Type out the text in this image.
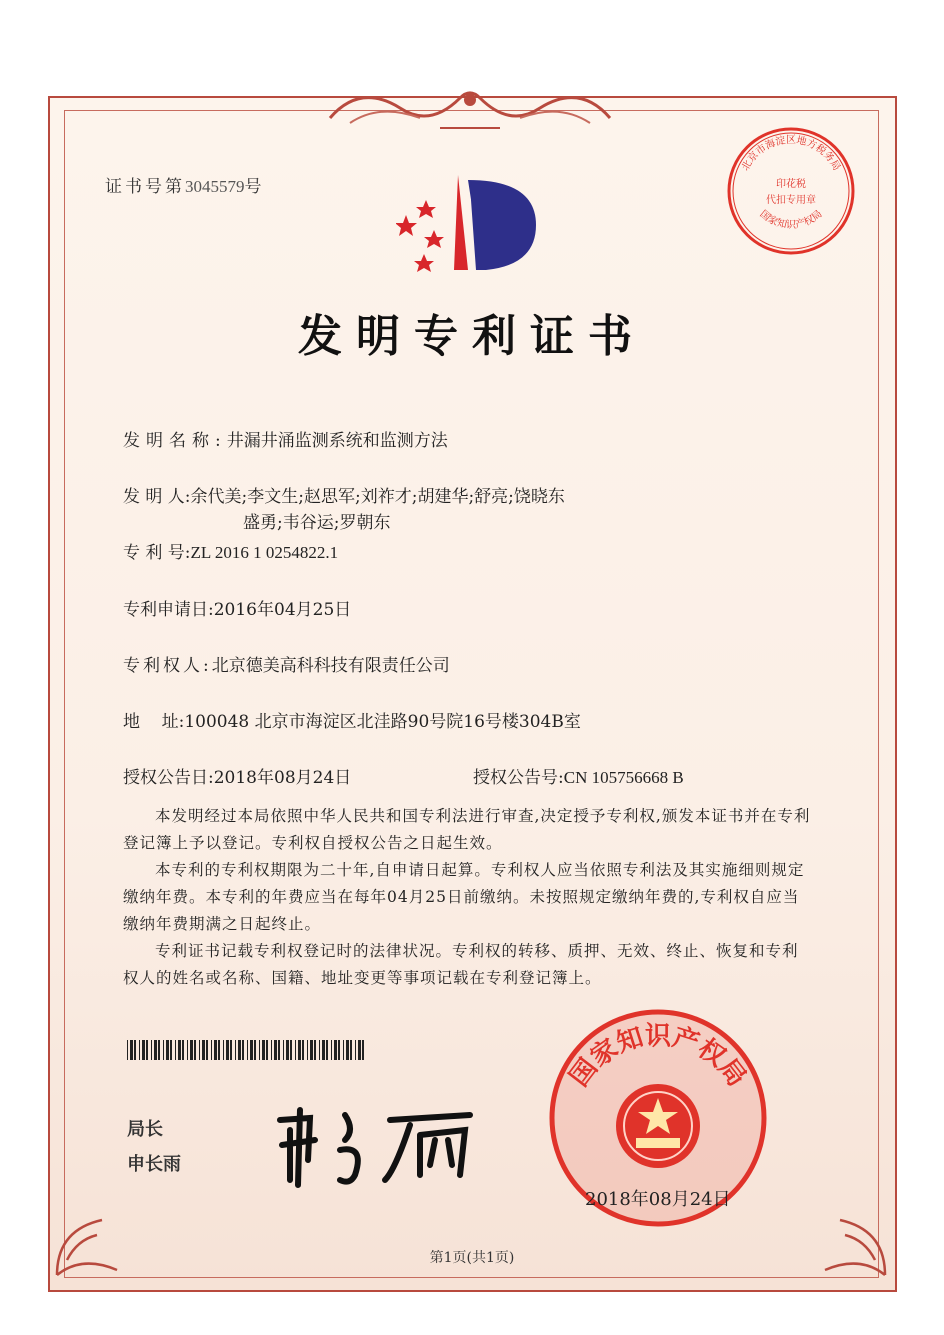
证书号第3045579号
北京市海淀区地方税务局
印花税
代扣专用章
国家知识产权局
发明专利证书
发明名称:井漏井涌监测系统和监测方法
发 明 人:余代美;李文生;赵思军;刘祚才;胡建华;舒亮;饶晓东
盛勇;韦谷运;罗朝东
专 利 号:ZL 2016 1 0254822.1
专利申请日:2016年04月25日
专利权人:北京德美高科科技有限责任公司
地    址:100048 北京市海淀区北洼路90号院16号楼304B室
授权公告日:2018年08月24日	授权公告号:CN 105756668 B
本发明经过本局依照中华人民共和国专利法进行审查,决定授予专利权,颁发本证书并在专利登记簿上予以登记。专利权自授权公告之日起生效。
本专利的专利权期限为二十年,自申请日起算。专利权人应当依照专利法及其实施细则规定缴纳年费。本专利的年费应当在每年04月25日前缴纳。未按照规定缴纳年费的,专利权自应当缴纳年费期满之日起终止。
专利证书记载专利权登记时的法律状况。专利权的转移、质押、无效、终止、恢复和专利权人的姓名或名称、国籍、地址变更等事项记载在专利登记簿上。
局长
申长雨
国家知识产权局
2018年08月24日
第1页(共1页)
